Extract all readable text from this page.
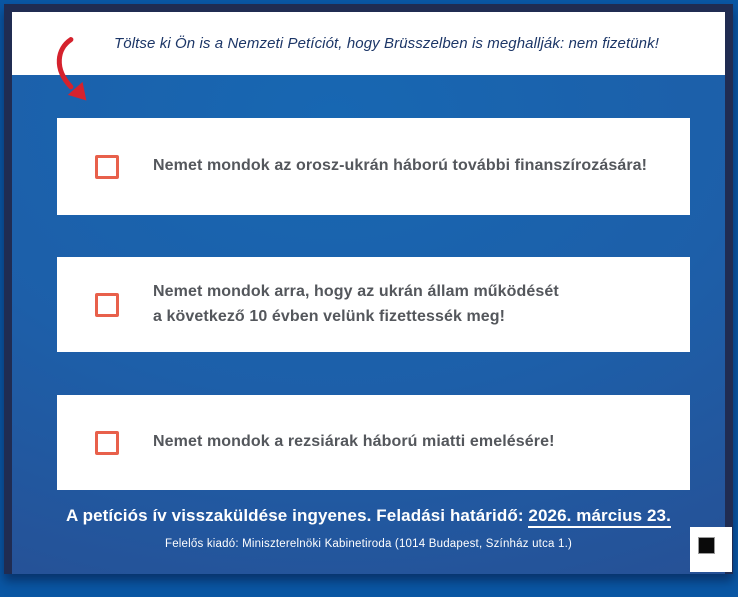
Töltse ki Ön is a Nemzeti Petíciót, hogy Brüsszelben is meghallják: nem fizetünk!
Nemet mondok az orosz-ukrán háború további finanszírozására!
Nemet mondok arra, hogy az ukrán állam működését
a következő 10 évben velünk fizettessék meg!
Nemet mondok a rezsiárak háború miatti emelésére!
A petíciós ív visszaküldése ingyenes. Feladási határidő: 2026. március 23.
Felelős kiadó: Miniszterelnöki Kabinetiroda (1014 Budapest, Színház utca 1.)
